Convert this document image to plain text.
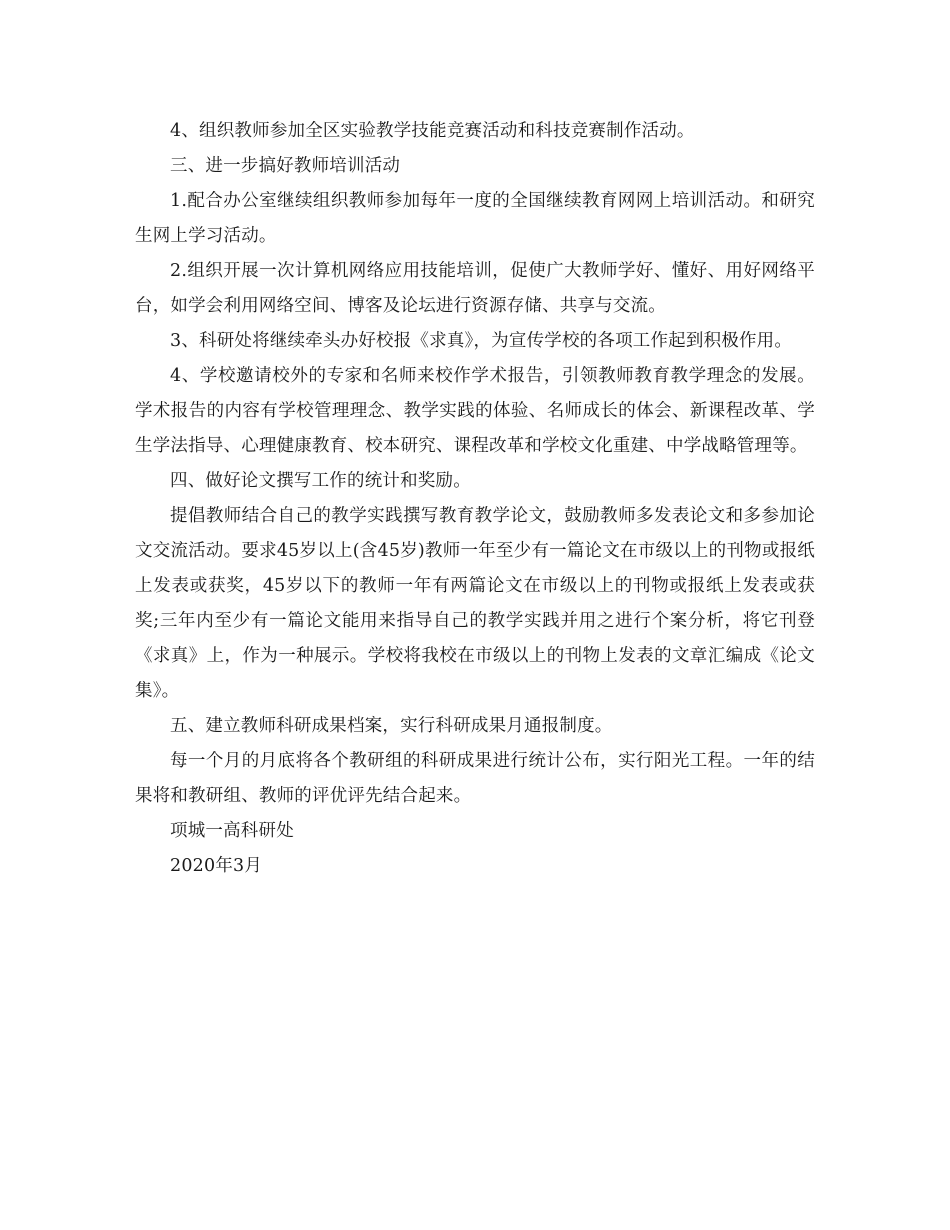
4、组织教师参加全区实验教学技能竞赛活动和科技竞赛制作活动。

三、进一步搞好教师培训活动

1.配合办公室继续组织教师参加每年一度的全国继续教育网网上培训活动。和研究生网上学习活动。

2.组织开展一次计算机网络应用技能培训，促使广大教师学好、懂好、用好网络平台，如学会利用网络空间、博客及论坛进行资源存储、共享与交流。

3、科研处将继续牵头办好校报《求真》，为宣传学校的各项工作起到积极作用。

4、学校邀请校外的专家和名师来校作学术报告，引领教师教育教学理念的发展。学术报告的内容有学校管理理念、教学实践的体验、名师成长的体会、新课程改革、学生学法指导、心理健康教育、校本研究、课程改革和学校文化重建、中学战略管理等。

四、做好论文撰写工作的统计和奖励。

提倡教师结合自己的教学实践撰写教育教学论文，鼓励教师多发表论文和多参加论文交流活动。要求45岁以上(含45岁)教师一年至少有一篇论文在市级以上的刊物或报纸上发表或获奖，45岁以下的教师一年有两篇论文在市级以上的刊物或报纸上发表或获奖;三年内至少有一篇论文能用来指导自己的教学实践并用之进行个案分析，将它刊登《求真》上，作为一种展示。学校将我校在市级以上的刊物上发表的文章汇编成《论文集》。

五、建立教师科研成果档案，实行科研成果月通报制度。

每一个月的月底将各个教研组的科研成果进行统计公布，实行阳光工程。一年的结果将和教研组、教师的评优评先结合起来。

项城一高科研处

2020年3月
